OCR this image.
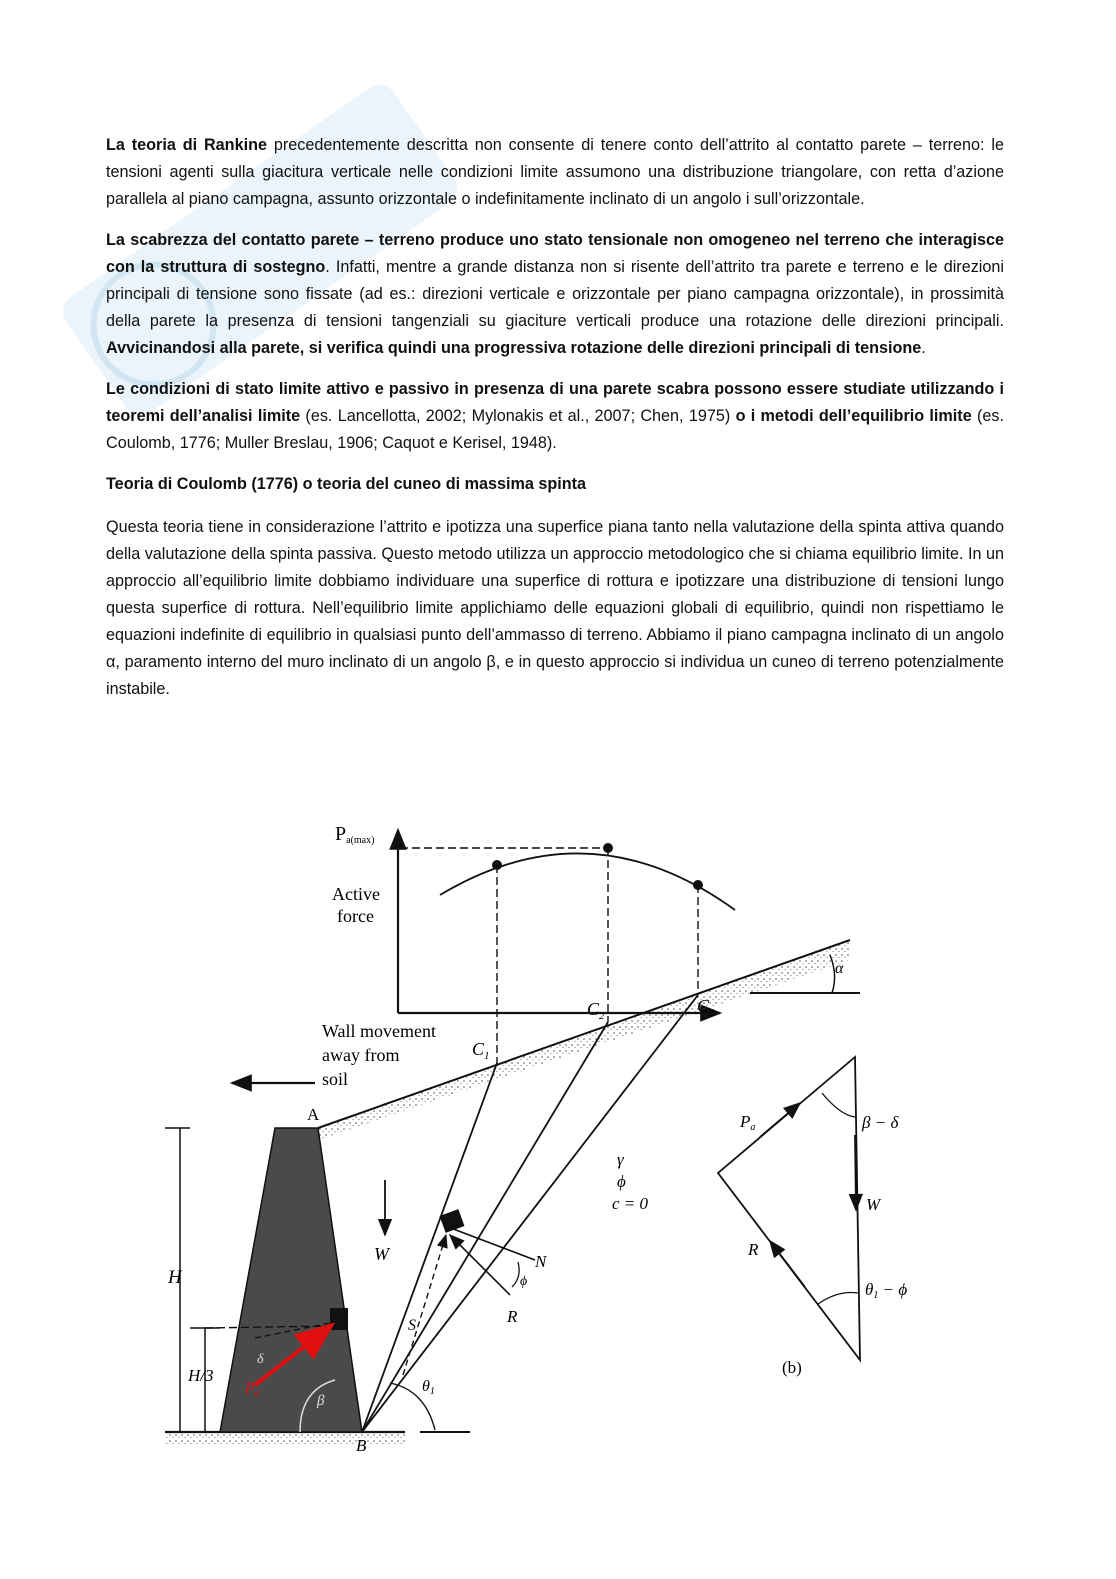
La teoria di Rankine precedentemente descritta non consente di tenere conto dell’attrito al contatto parete – terreno: le tensioni agenti sulla giacitura verticale nelle condizioni limite assumono una distribuzione triangolare, con retta d’azione parallela al piano campagna, assunto orizzontale o indefinitamente inclinato di un angolo i sull’orizzontale.

La scabrezza del contatto parete – terreno produce uno stato tensionale non omogeneo nel terreno che interagisce con la struttura di sostegno. Infatti, mentre a grande distanza non si risente dell’attrito tra parete e terreno e le direzioni principali di tensione sono fissate (ad es.: direzioni verticale e orizzontale per piano campagna orizzontale), in prossimità della parete la presenza di tensioni tangenziali su giaciture verticali produce una rotazione delle direzioni principali. Avvicinandosi alla parete, si verifica quindi una progressiva rotazione delle direzioni principali di tensione.

Le condizioni di stato limite attivo e passivo in presenza di una parete scabra possono essere studiate utilizzando i teoremi dell’analisi limite (es. Lancellotta, 2002; Mylonakis et al., 2007; Chen, 1975) o i metodi dell’equilibrio limite (es. Coulomb, 1776; Muller Breslau, 1906; Caquot e Kerisel, 1948).

Teoria di Coulomb (1776) o teoria del cuneo di massima spinta

Questa teoria tiene in considerazione l’attrito e ipotizza una superfice piana tanto nella valutazione della spinta attiva quando della valutazione della spinta passiva. Questo metodo utilizza un approccio metodologico che si chiama equilibrio limite. In un approccio all’equilibrio limite dobbiamo individuare una superfice di rottura e ipotizzare una distribuzione di tensioni lungo questa superfice di rottura. Nell’equilibrio limite applichiamo delle equazioni globali di equilibrio, quindi non rispettiamo le equazioni indefinite di equilibrio in qualsiasi punto dell’ammasso di terreno. Abbiamo il piano campagna inclinato di un angolo α, paramento interno del muro inclinato di un angolo β, e in questo approccio si individua un cuneo di terreno potenzialmente instabile.

Pa(max)
Active
force
α
Wall movement
away from
soil
A
B
H
H/3
Pa
δ
β
$C_1$
$C_2$	$C_3$
W
S
N
R
ϕ
γ
ϕ
c = 0
θ1
Pa
W
R
β − δ
θ1 − ϕ
(b)
